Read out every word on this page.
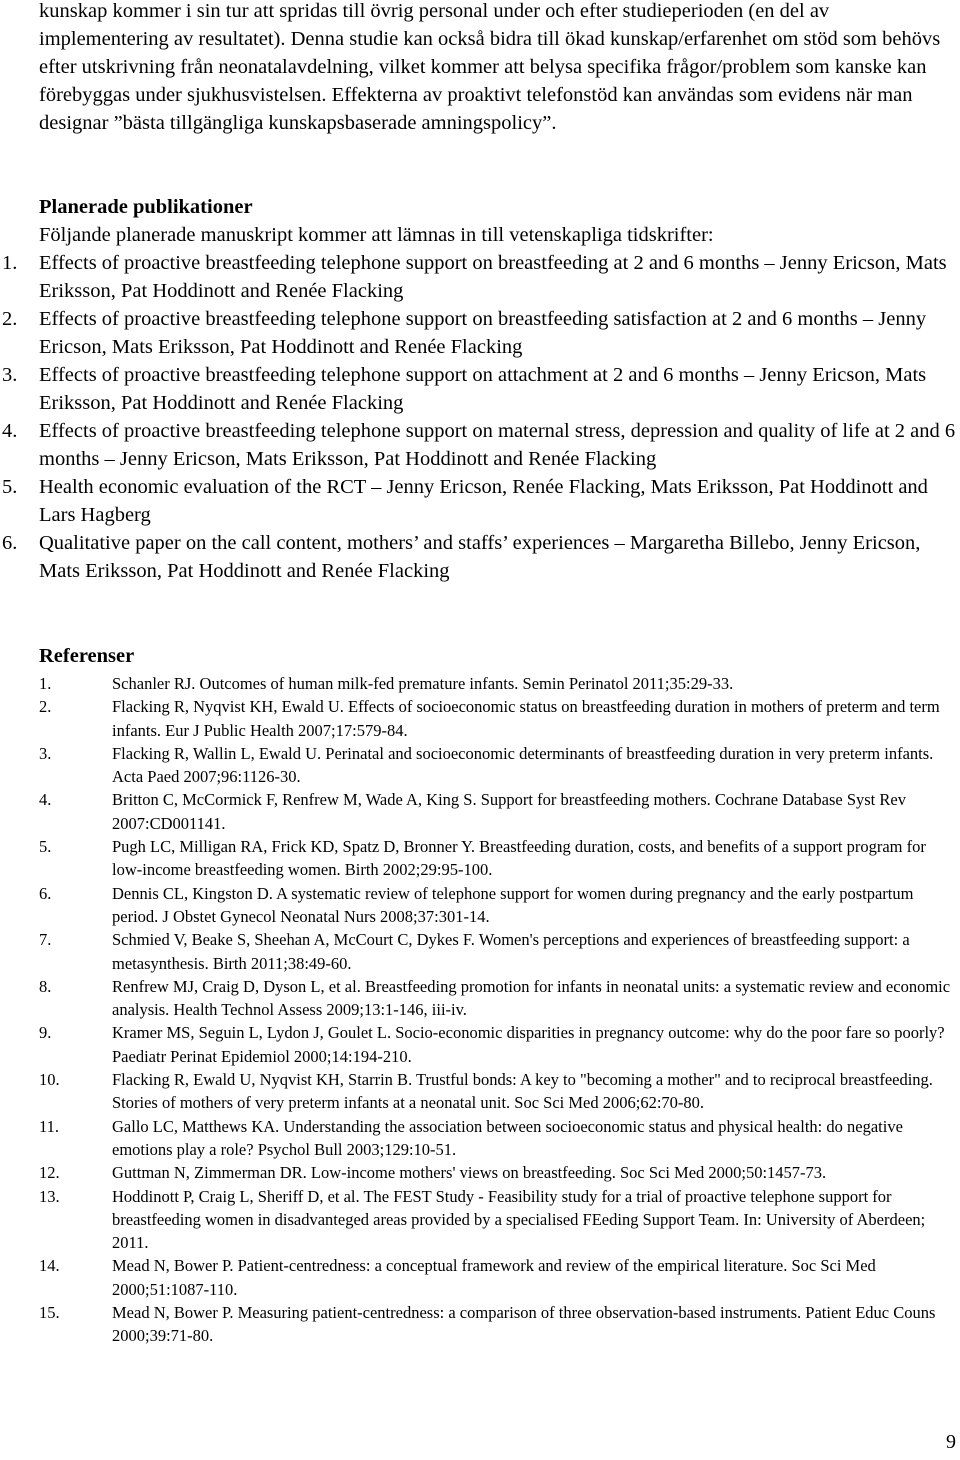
kunskap kommer i sin tur att spridas till övrig personal under och efter studieperioden (en del av implementering av resultatet). Denna studie kan också bidra till ökad kunskap/erfarenhet om stöd som behövs efter utskrivning från neonatalavdelning, vilket kommer att belysa specifika frågor/problem som kanske kan förebyggas under sjukhusvistelsen. Effekterna av proaktivt telefonstöd kan användas som evidens när man designar ”bästa tillgängliga kunskapsbaserade amningspolicy”.

Planerade publikationer

Följande planerade manuskript kommer att lämnas in till vetenskapliga tidskrifter:

1. Effects of proactive breastfeeding telephone support on breastfeeding at 2 and 6 months – Jenny Ericson, Mats Eriksson, Pat Hoddinott and Renée Flacking
2. Effects of proactive breastfeeding telephone support on breastfeeding satisfaction at 2 and 6 months – Jenny Ericson, Mats Eriksson, Pat Hoddinott and Renée Flacking
3. Effects of proactive breastfeeding telephone support on attachment at 2 and 6 months – Jenny Ericson, Mats Eriksson, Pat Hoddinott and Renée Flacking
4. Effects of proactive breastfeeding telephone support on maternal stress, depression and quality of life at 2 and 6 months – Jenny Ericson, Mats Eriksson, Pat Hoddinott and Renée Flacking
5. Health economic evaluation of the RCT – Jenny Ericson, Renée Flacking, Mats Eriksson, Pat Hoddinott and Lars Hagberg
6. Qualitative paper on the call content, mothers’ and staffs’ experiences – Margaretha Billebo, Jenny Ericson, Mats Eriksson, Pat Hoddinott and Renée Flacking
Referenser
1.	Schanler RJ. Outcomes of human milk-fed premature infants. Semin Perinatol 2011;35:29-33.
2.	Flacking R, Nyqvist KH, Ewald U. Effects of socioeconomic status on breastfeeding duration in mothers of preterm and term infants. Eur J Public Health 2007;17:579-84.
3.	Flacking R, Wallin L, Ewald U. Perinatal and socioeconomic determinants of breastfeeding duration in very preterm infants. Acta Paed 2007;96:1126-30.
4.	Britton C, McCormick F, Renfrew M, Wade A, King S. Support for breastfeeding mothers. Cochrane Database Syst Rev 2007:CD001141.
5.	Pugh LC, Milligan RA, Frick KD, Spatz D, Bronner Y. Breastfeeding duration, costs, and benefits of a support program for low-income breastfeeding women. Birth 2002;29:95-100.
6.	Dennis CL, Kingston D. A systematic review of telephone support for women during pregnancy and the early postpartum period. J Obstet Gynecol Neonatal Nurs 2008;37:301-14.
7.	Schmied V, Beake S, Sheehan A, McCourt C, Dykes F. Women's perceptions and experiences of breastfeeding support: a metasynthesis. Birth 2011;38:49-60.
8.	Renfrew MJ, Craig D, Dyson L, et al. Breastfeeding promotion for infants in neonatal units: a systematic review and economic analysis. Health Technol Assess 2009;13:1-146, iii-iv.
9.	Kramer MS, Seguin L, Lydon J, Goulet L. Socio-economic disparities in pregnancy outcome: why do the poor fare so poorly? Paediatr Perinat Epidemiol 2000;14:194-210.
10.	Flacking R, Ewald U, Nyqvist KH, Starrin B. Trustful bonds: A key to "becoming a mother" and to reciprocal breastfeeding. Stories of mothers of very preterm infants at a neonatal unit. Soc Sci Med 2006;62:70-80.
11.	Gallo LC, Matthews KA. Understanding the association between socioeconomic status and physical health: do negative emotions play a role? Psychol Bull 2003;129:10-51.
12.	Guttman N, Zimmerman DR. Low-income mothers' views on breastfeeding. Soc Sci Med 2000;50:1457-73.
13.	Hoddinott P, Craig L, Sheriff D, et al. The FEST Study - Feasibility study for a trial of proactive telephone support for breastfeeding women in disadvanteged areas provided by a specialised FEeding Support Team. In: University of Aberdeen; 2011.
14.	Mead N, Bower P. Patient-centredness: a conceptual framework and review of the empirical literature. Soc Sci Med 2000;51:1087-110.
15.	Mead N, Bower P. Measuring patient-centredness: a comparison of three observation-based instruments. Patient Educ Couns 2000;39:71-80.

9
